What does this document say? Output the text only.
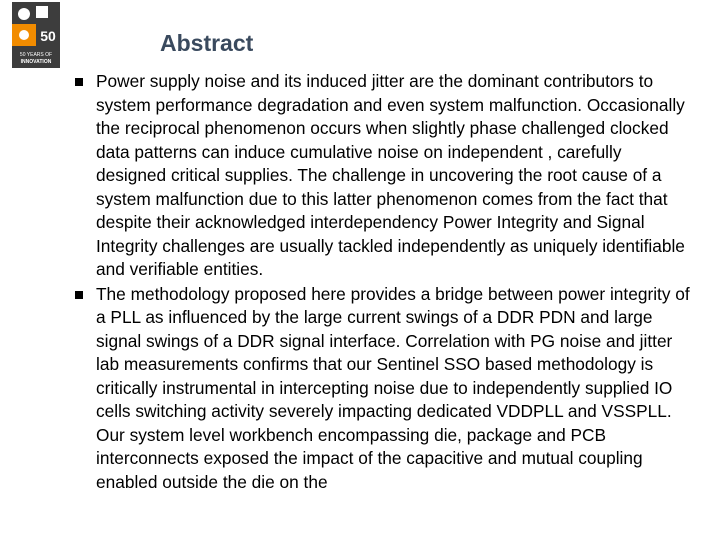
50
50 YEARS OF
INNOVATION
Abstract
Power supply noise and its induced jitter are the dominant contributors to system performance degradation and even system malfunction. Occasionally the reciprocal phenomenon occurs when slightly phase challenged clocked data patterns can induce cumulative noise on independent , carefully designed critical supplies. The challenge in uncovering the root cause of a system malfunction due to this latter phenomenon comes from the fact that despite their acknowledged interdependency Power Integrity and Signal Integrity challenges are usually tackled independently as uniquely identifiable and verifiable entities.
The methodology proposed here provides a bridge between power integrity of a PLL as influenced by the large current swings of a DDR PDN and large signal swings of a DDR signal interface. Correlation with PG noise and jitter lab measurements confirms that our Sentinel SSO based methodology is critically instrumental in intercepting noise due to independently supplied IO cells switching activity severely impacting dedicated VDDPLL and VSSPLL. Our system level workbench encompassing die, package and PCB interconnects exposed the impact of the capacitive and mutual coupling enabled outside the die on the
